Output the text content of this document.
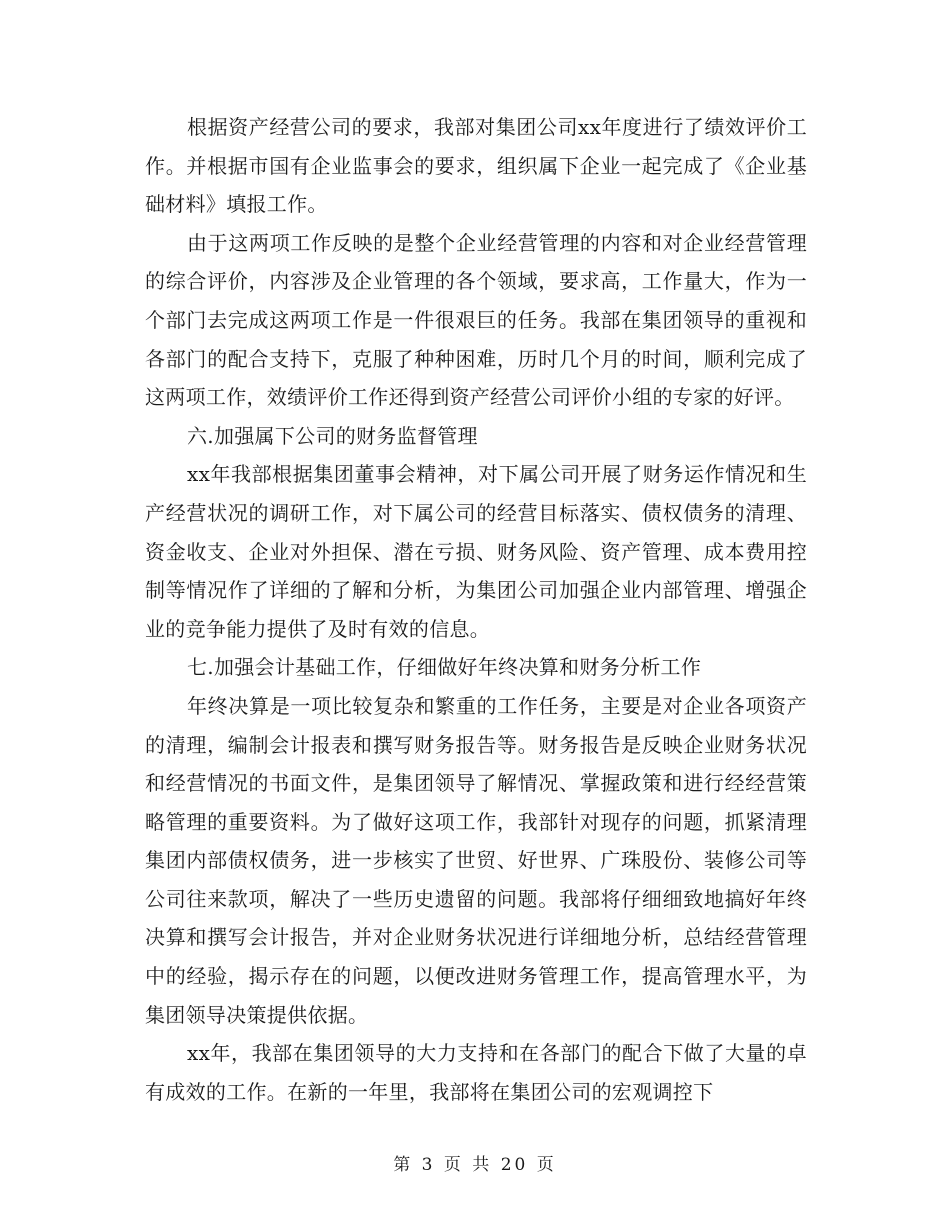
根据资产经营公司的要求，我部对集团公司xx年度进行了绩效评价工作。并根据市国有企业监事会的要求，组织属下企业一起完成了《企业基础材料》填报工作。

由于这两项工作反映的是整个企业经营管理的内容和对企业经营管理的综合评价，内容涉及企业管理的各个领域，要求高，工作量大，作为一个部门去完成这两项工作是一件很艰巨的任务。我部在集团领导的重视和各部门的配合支持下，克服了种种困难，历时几个月的时间，顺利完成了这两项工作，效绩评价工作还得到资产经营公司评价小组的专家的好评。

六.加强属下公司的财务监督管理

xx年我部根据集团董事会精神，对下属公司开展了财务运作情况和生产经营状况的调研工作，对下属公司的经营目标落实、债权债务的清理、资金收支、企业对外担保、潜在亏损、财务风险、资产管理、成本费用控制等情况作了详细的了解和分析，为集团公司加强企业内部管理、增强企业的竞争能力提供了及时有效的信息。

七.加强会计基础工作，仔细做好年终决算和财务分析工作

年终决算是一项比较复杂和繁重的工作任务，主要是对企业各项资产的清理，编制会计报表和撰写财务报告等。财务报告是反映企业财务状况和经营情况的书面文件，是集团领导了解情况、掌握政策和进行经经营策略管理的重要资料。为了做好这项工作，我部针对现存的问题，抓紧清理集团内部债权债务，进一步核实了世贸、好世界、广珠股份、装修公司等公司往来款项，解决了一些历史遗留的问题。我部将仔细细致地搞好年终决算和撰写会计报告，并对企业财务状况进行详细地分析，总结经营管理中的经验，揭示存在的问题，以便改进财务管理工作，提高管理水平，为集团领导决策提供依据。

xx年，我部在集团领导的大力支持和在各部门的配合下做了大量的卓有成效的工作。在新的一年里，我部将在集团公司的宏观调控下

第 3 页 共 20 页
